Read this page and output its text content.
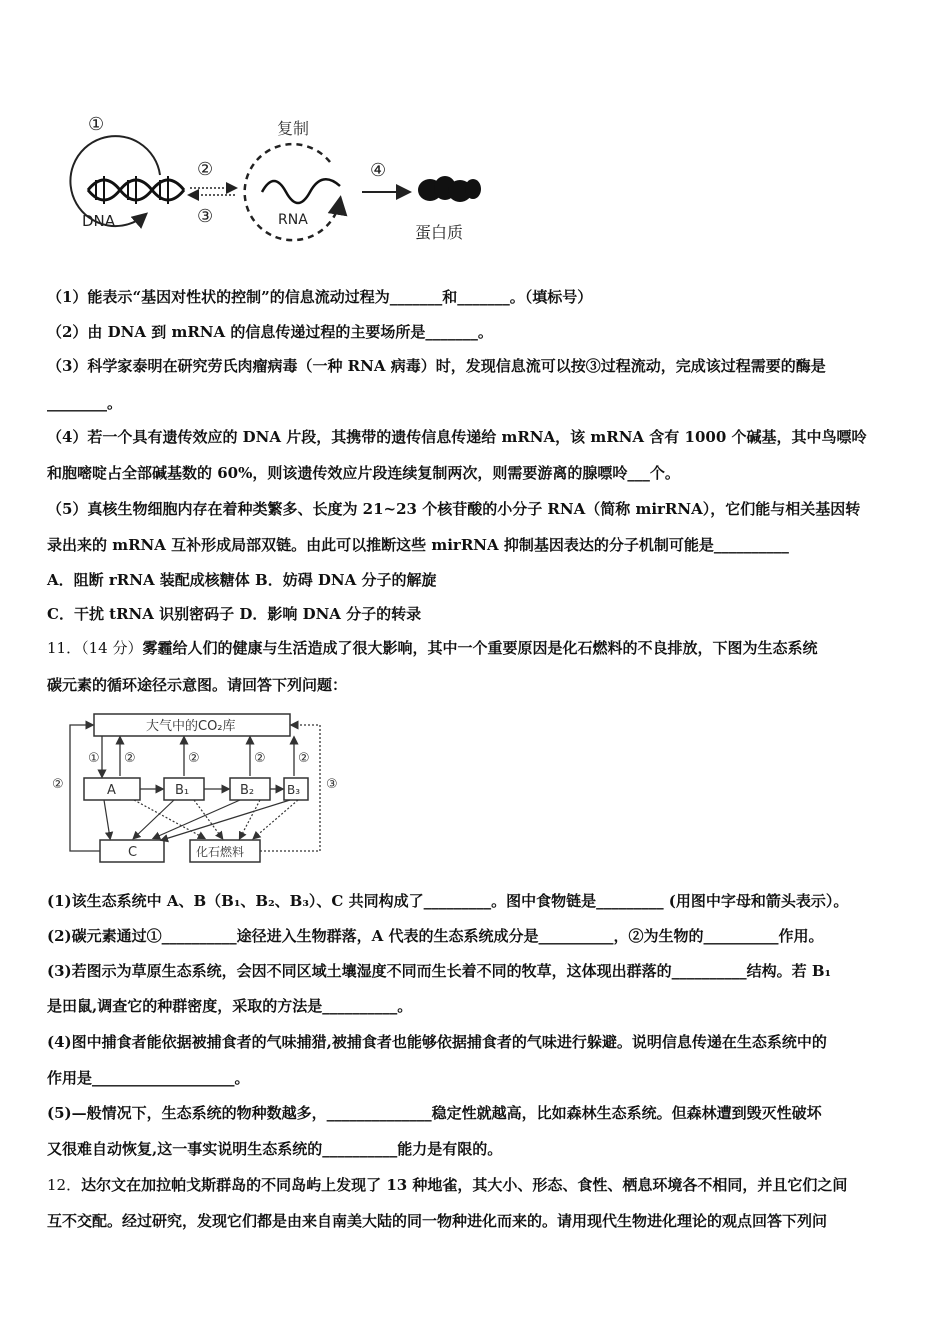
①
DNA
②
③
复制
RNA
④
蛋白质
（1）能表示“基因对性状的控制”的信息流动过程为_______和_______。（填标号）
（2）由 DNA 到 mRNA 的信息传递过程的主要场所是_______。
（3）科学家泰明在研究劳氏肉瘤病毒（一种 RNA 病毒）时，发现信息流可以按③过程流动，完成该过程需要的酶是
________。
（4）若一个具有遗传效应的 DNA 片段，其携带的遗传信息传递给 mRNA，该 mRNA 含有 1000 个碱基，其中鸟嘌呤
和胞嘧啶占全部碱基数的 60%，则该遗传效应片段连续复制两次，则需要游离的腺嘌呤___个。
（5）真核生物细胞内存在着种类繁多、长度为 21~23 个核苷酸的小分子 RNA（简称 mirRNA），它们能与相关基因转
录出来的 mRNA 互补形成局部双链。由此可以推断这些 mirRNA 抑制基因表达的分子机制可能是__________
A．阻断 rRNA 装配成核糖体 B．妨碍 DNA 分子的解旋
C．干扰 tRNA 识别密码子 D．影响 DNA 分子的转录
11．（14 分）雾霾给人们的健康与生活造成了很大影响，其中一个重要原因是化石燃料的不良排放，下图为生态系统
碳元素的循环途径示意图。请回答下列问题：
大气中的CO₂库
A	B₁	B₂	B₃
C	化石燃料
① ②	②	② ②
②	③
(1)该生态系统中 A、B（B₁、B₂、B₃）、C 共同构成了_________。图中食物链是_________ (用图中字母和箭头表示）。
(2)碳元素通过①__________途径进入生物群落，A 代表的生态系统成分是__________，②为生物的__________作用。
(3)若图示为草原生态系统，会因不同区域土壤湿度不同而生长着不同的牧草，这体现出群落的__________结构。若 B₁
是田鼠,调查它的种群密度，采取的方法是__________。
(4)图中捕食者能依据被捕食者的气味捕猎,被捕食者也能够依据捕食者的气味进行躲避。说明信息传递在生态系统中的
作用是___________________。
(5)—般情况下，生态系统的物种数越多，______________稳定性就越高，比如森林生态系统。但森林遭到毁灭性破坏
又很难自动恢复,这一事实说明生态系统的__________能力是有限的。
12．达尔文在加拉帕戈斯群岛的不同岛屿上发现了 13 种地雀，其大小、形态、食性、栖息环境各不相同，并且它们之间
互不交配。经过研究，发现它们都是由来自南美大陆的同一物种进化而来的。请用现代生物进化理论的观点回答下列问
